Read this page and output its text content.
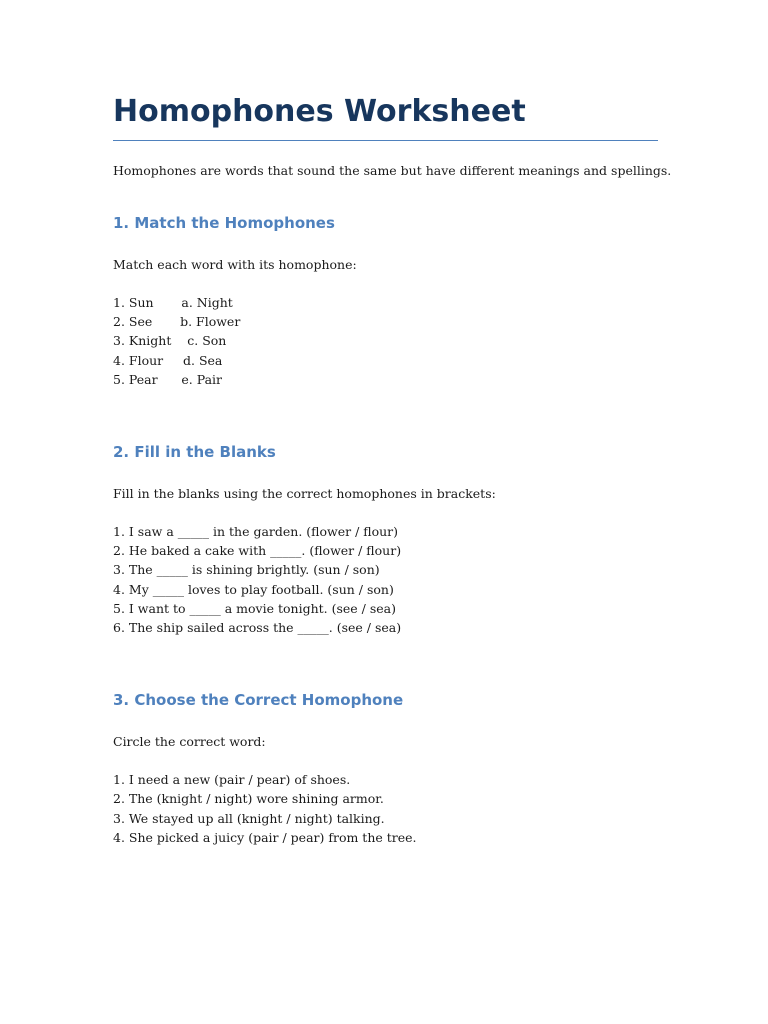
Homophones Worksheet

Homophones are words that sound the same but have different meanings and spellings.

1. Match the Homophones

Match each word with its homophone:

1. Sun       a. Night
2. See       b. Flower
3. Knight    c. Son
4. Flour     d. Sea
5. Pear      e. Pair
2. Fill in the Blanks

Fill in the blanks using the correct homophones in brackets:

1. I saw a _____ in the garden. (flower / flour)
2. He baked a cake with _____. (flower / flour)
3. The _____ is shining brightly. (sun / son)
4. My _____ loves to play football. (sun / son)
5. I want to _____ a movie tonight. (see / sea)
6. The ship sailed across the _____. (see / sea)
3. Choose the Correct Homophone

Circle the correct word:

1. I need a new (pair / pear) of shoes.
2. The (knight / night) wore shining armor.
3. We stayed up all (knight / night) talking.
4. She picked a juicy (pair / pear) from the tree.
